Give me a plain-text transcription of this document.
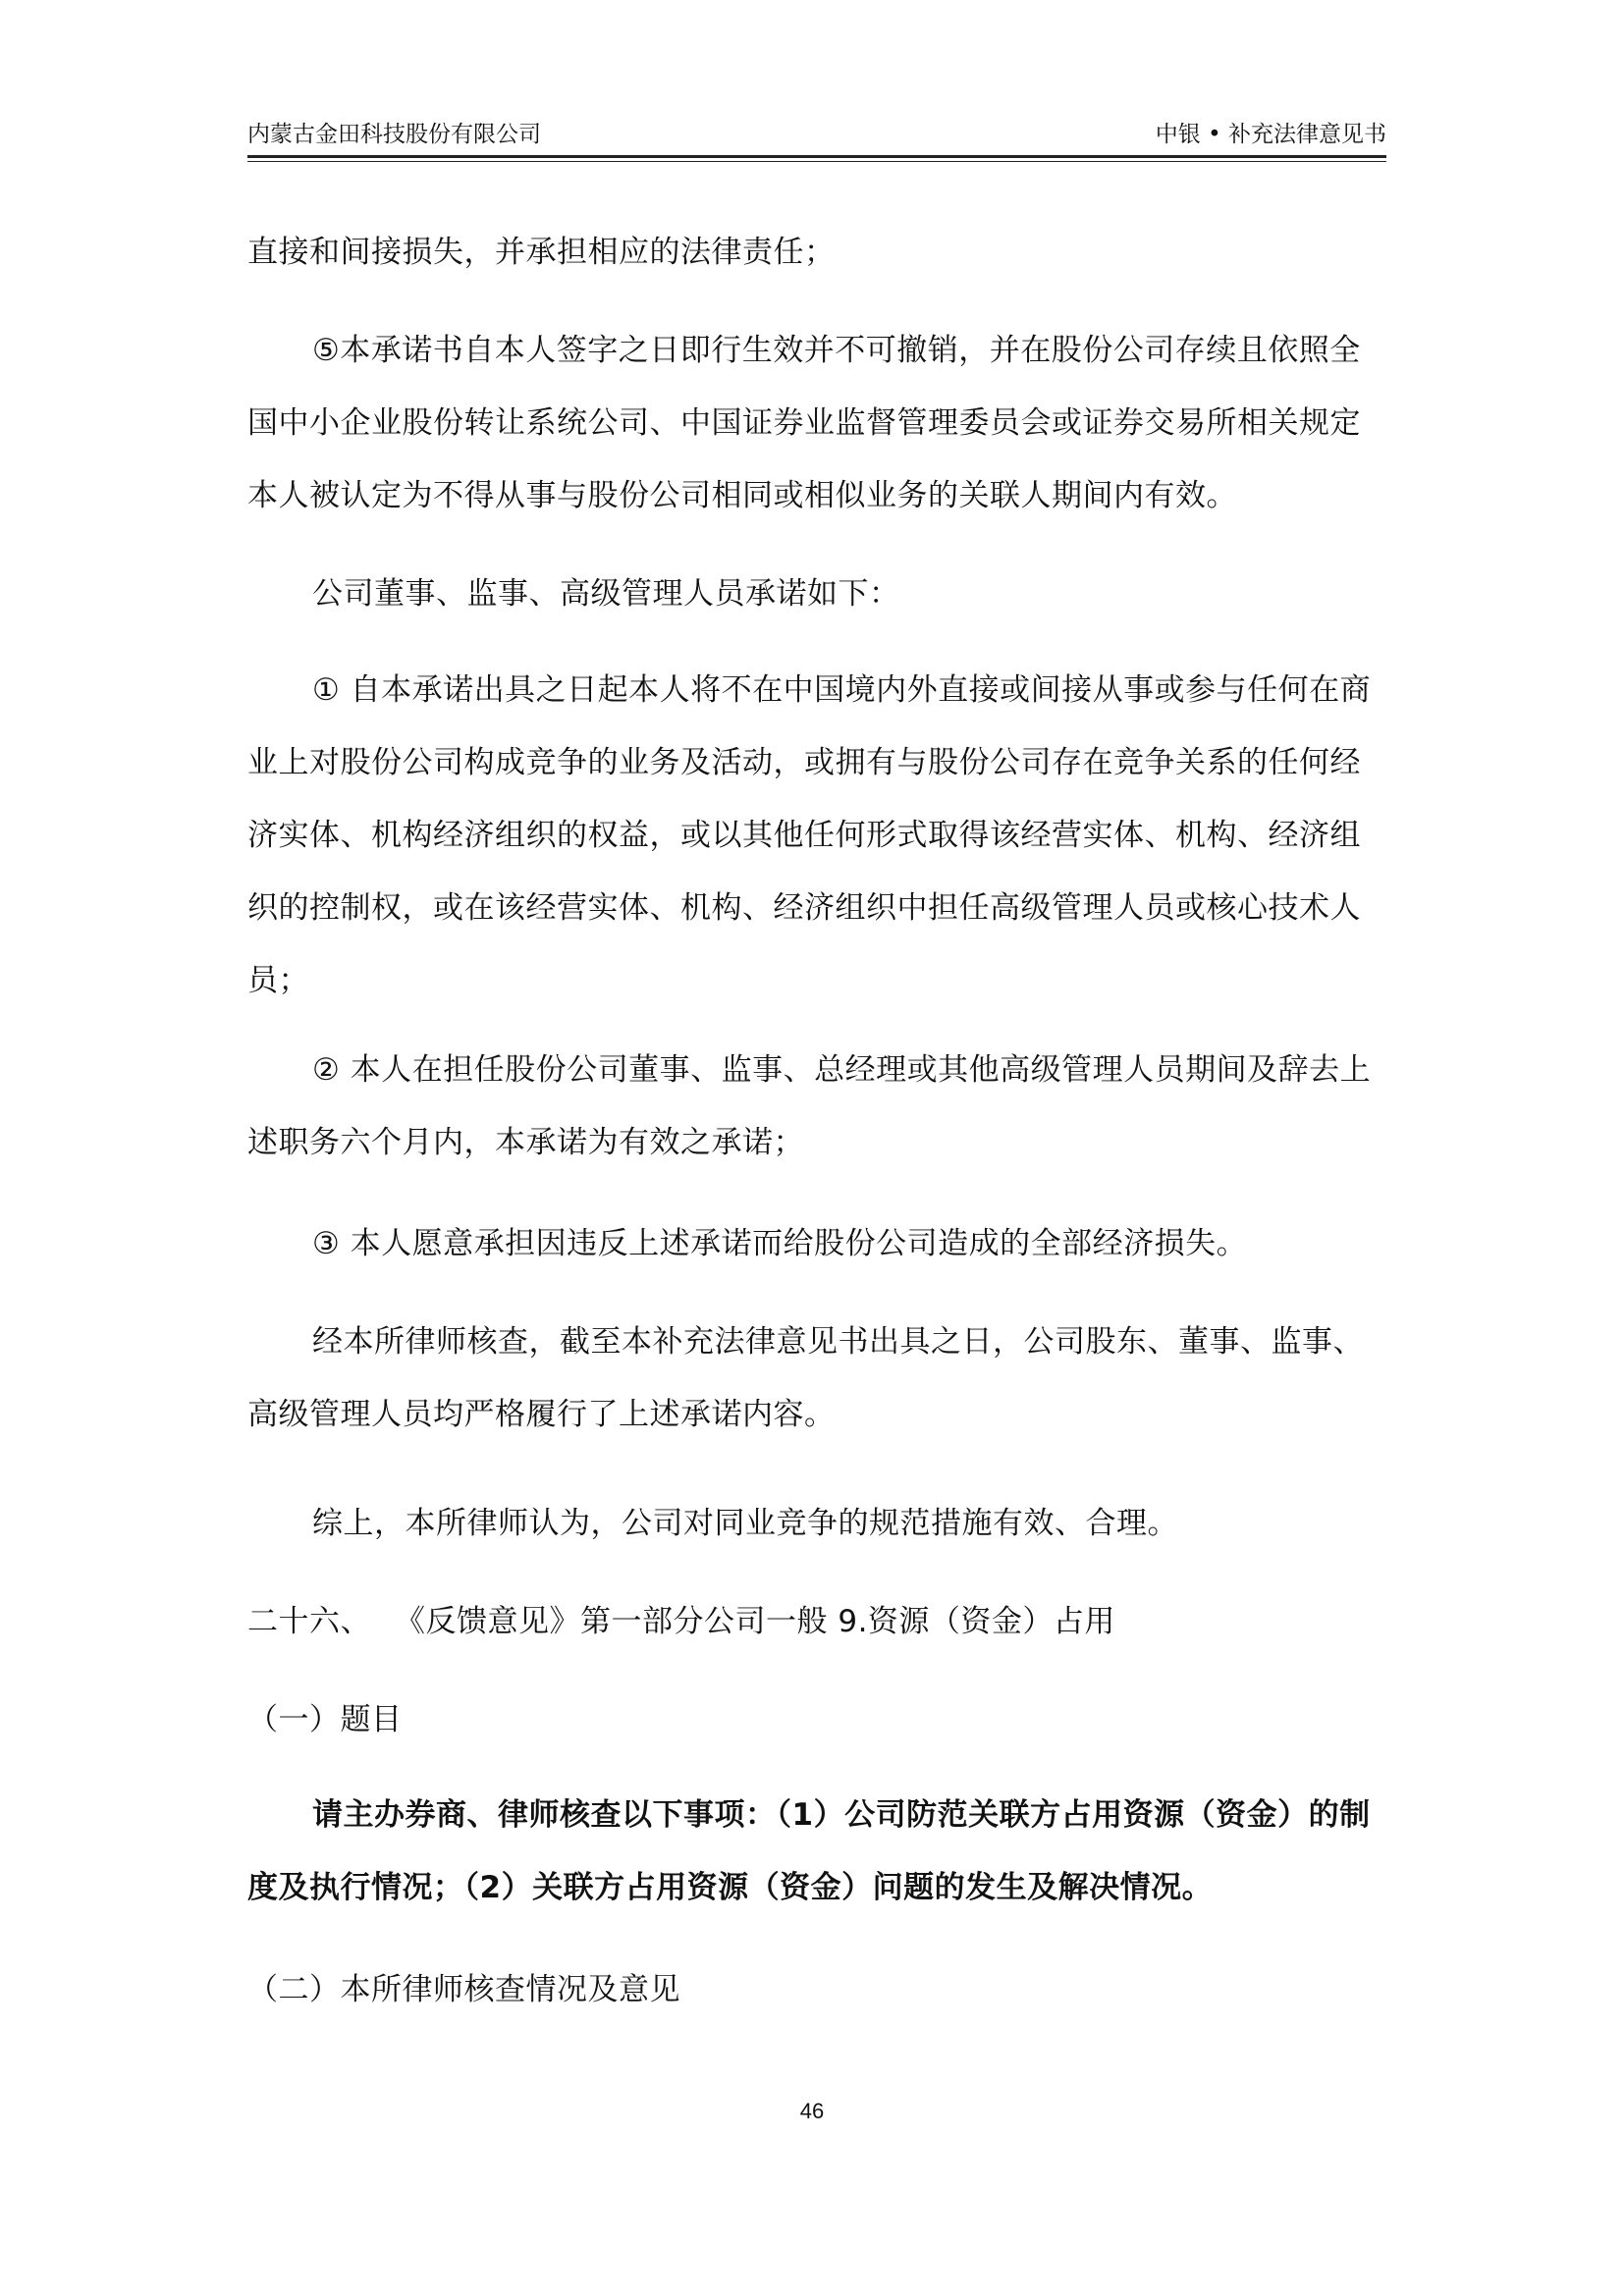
内蒙古金田科技股份有限公司	中银 • 补充法律意见书

直接和间接损失，并承担相应的法律责任；

⑤本承诺书自本人签字之日即行生效并不可撤销，并在股份公司存续且依照全国中小企业股份转让系统公司、中国证券业监督管理委员会或证券交易所相关规定本人被认定为不得从事与股份公司相同或相似业务的关联人期间内有效。

公司董事、监事、高级管理人员承诺如下：

① 自本承诺出具之日起本人将不在中国境内外直接或间接从事或参与任何在商业上对股份公司构成竞争的业务及活动，或拥有与股份公司存在竞争关系的任何经济实体、机构经济组织的权益，或以其他任何形式取得该经营实体、机构、经济组织的控制权，或在该经营实体、机构、经济组织中担任高级管理人员或核心技术人员；

② 本人在担任股份公司董事、监事、总经理或其他高级管理人员期间及辞去上述职务六个月内，本承诺为有效之承诺；

③ 本人愿意承担因违反上述承诺而给股份公司造成的全部经济损失。

经本所律师核查，截至本补充法律意见书出具之日，公司股东、董事、监事、高级管理人员均严格履行了上述承诺内容。

综上，本所律师认为，公司对同业竞争的规范措施有效、合理。

二十六、 《反馈意见》第一部分公司一般 9.资源（资金）占用

（一）题目

请主办券商、律师核查以下事项：（1）公司防范关联方占用资源（资金）的制度及执行情况；（2）关联方占用资源（资金）问题的发生及解决情况。

（二）本所律师核查情况及意见

46
